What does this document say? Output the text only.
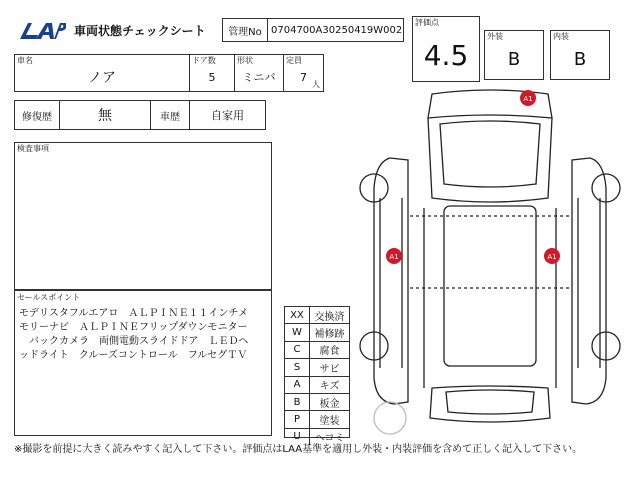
車両状態チェックシート	管理No 0704700A30250419W002
評価点
4.5
外装
B
内装
B
車名
ノア
ドア数
5
形状
ミニバ
定員
7
人
修復歴	無	車歴	自家用
検査事項
セールスポイント
モデリスタフルエアロ　ＡＬＰＩＮＥ１１インチメ
モリーナビ　ＡＬＰＩＮＥフリップダウンモニター
　バックカメラ　両側電動スライドドア　ＬＥＤヘ
ッドライト　クルーズコントロール　フルセグＴＶ
XX	交換済
W	補修跡
C	腐食
S	サビ
A	キズ
B	板金
P	塗装
U	ヘコミ
A1
A1	A1
※撮影を前提に大きく読みやすく記入して下さい。評価点はLAA基準を適用し外装・内装評価を含めて正しく記入して下さい。
